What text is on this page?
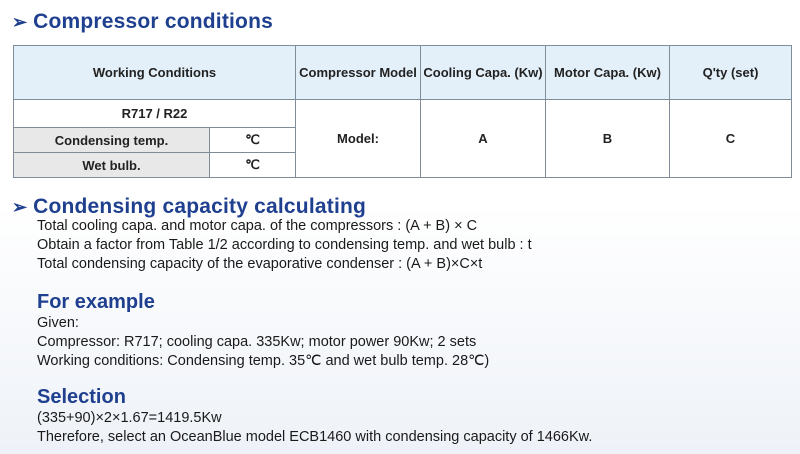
➢ Compressor conditions
Working Conditions		Compressor Model	Cooling Capa. (Kw)	Motor Capa. (Kw)	Q'ty (set)
R717 / R22		Model:	A	B	C
Condensing temp.	℃				
Wet bulb.	℃				
➢ Condensing capacity calculating
Total cooling capa. and motor capa. of the compressors : (A + B) × C
Obtain a factor from Table 1/2 according to condensing temp. and wet bulb : t
Total condensing capacity of the evaporative condenser : (A + B)×C×t
For example
Given:
Compressor: R717; cooling capa. 335Kw; motor power 90Kw; 2 sets
Working conditions: Condensing temp. 35℃ and wet bulb temp. 28℃)
Selection
(335+90)×2×1.67=1419.5Kw
Therefore, select an OceanBlue model ECB1460 with condensing capacity of 1466Kw.
